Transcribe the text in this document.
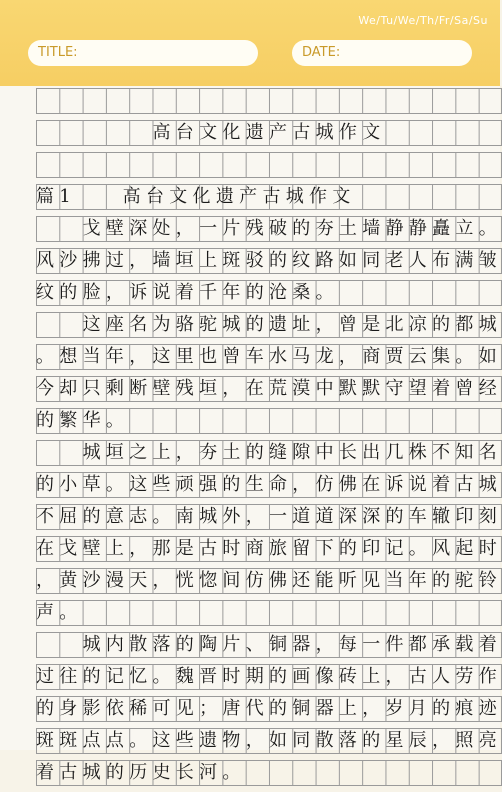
We/Tu/We/Th/Fr/Sa/Su
TITLE:	DATE:
　　　　　高台文化遗产古城作文
篇1　　高台文化遗产古城作文
　　戈壁深处，一片残破的夯土墙静静矗立。
风沙拂过，墙垣上斑驳的纹路如同老人布满皱
纹的脸，诉说着千年的沧桑。
　　这座名为骆驼城的遗址，曾是北凉的都城
。想当年，这里也曾车水马龙，商贾云集。如
今却只剩断壁残垣，在荒漠中默默守望着曾经
的繁华。
　　城垣之上，夯土的缝隙中长出几株不知名
的小草。这些顽强的生命，仿佛在诉说着古城
不屈的意志。南城外，一道道深深的车辙印刻
在戈壁上，那是古时商旅留下的印记。风起时
，黄沙漫天，恍惚间仿佛还能听见当年的驼铃
声。
　　城内散落的陶片、铜器，每一件都承载着
过往的记忆。魏晋时期的画像砖上，古人劳作
的身影依稀可见；唐代的铜器上，岁月的痕迹
斑斑点点。这些遗物，如同散落的星辰，照亮
着古城的历史长河。
